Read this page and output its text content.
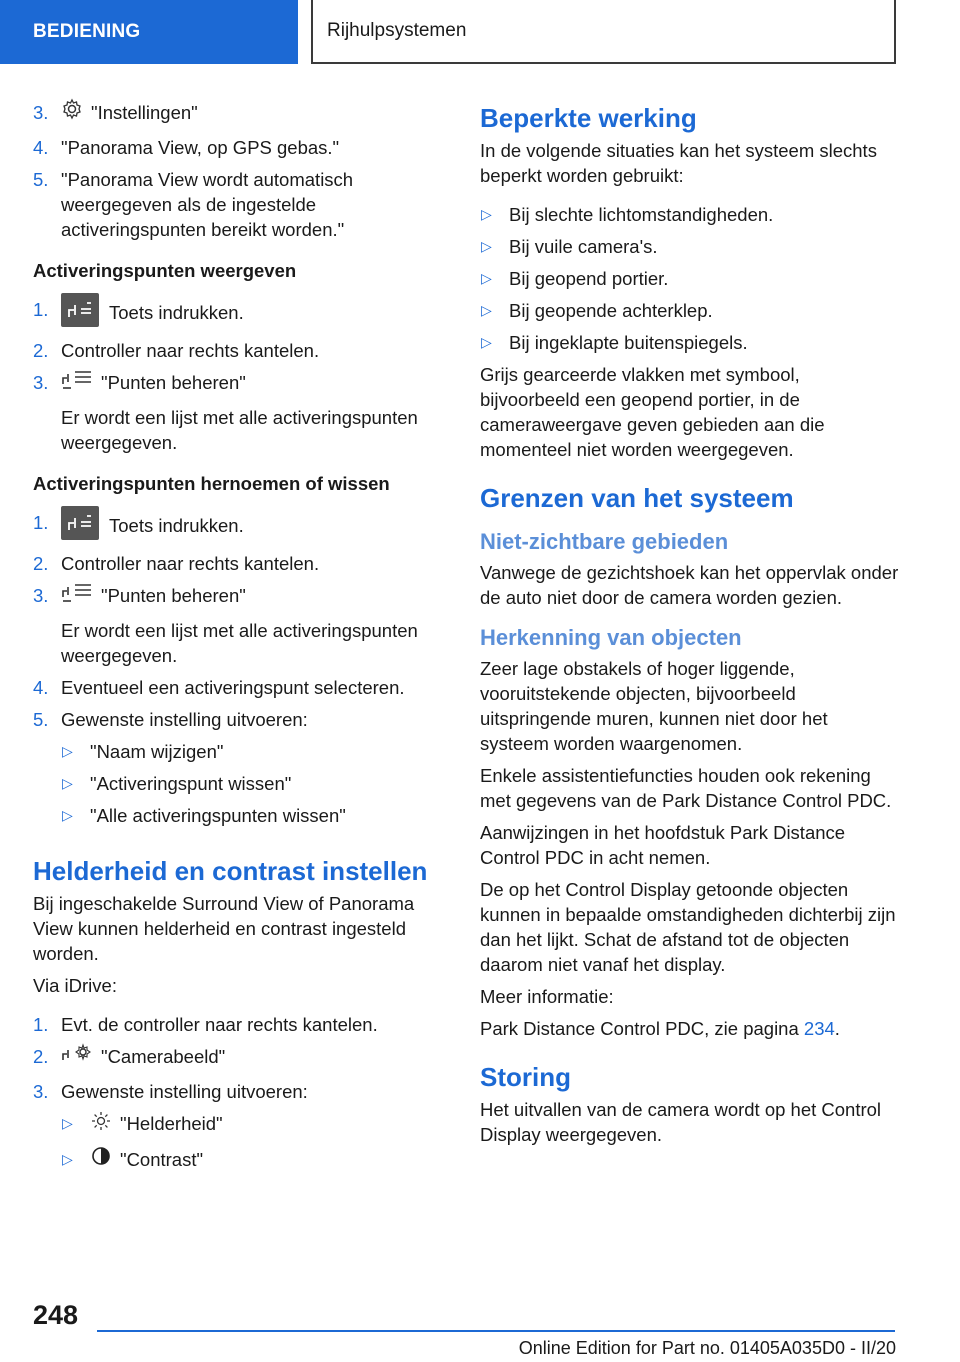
BEDIENING	Rijhulpsystemen
3.	"Instellingen"
4. "Panorama View, op GPS gebas."
5. "Panorama View wordt automatisch weergegeven als de ingestelde activeringspunten bereikt worden."
Activeringspunten weergeven
1.	Toets indrukken.
2. Controller naar rechts kantelen.
3.	"Punten beheren"
Er wordt een lijst met alle activeringspunten weergegeven.
Activeringspunten hernoemen of wissen
1.	Toets indrukken.
2. Controller naar rechts kantelen.
3.	"Punten beheren"
Er wordt een lijst met alle activeringspunten weergegeven.
4. Eventueel een activeringspunt selecteren.
5. Gewenste instelling uitvoeren:
▷ "Naam wijzigen"
▷ "Activeringspunt wissen"
▷ "Alle activeringspunten wissen"
Helderheid en contrast instellen

Bij ingeschakelde Surround View of Panorama View kunnen helderheid en contrast ingesteld worden.

Via iDrive:

1. Evt. de controller naar rechts kantelen.
2.	"Camerabeeld"
3. Gewenste instelling uitvoeren:
▷	"Helderheid"
▷	"Contrast"
Beperkte werking

In de volgende situaties kan het systeem slechts beperkt worden gebruikt:

▷ Bij slechte lichtomstandigheden.
▷ Bij vuile camera's.
▷ Bij geopend portier.
▷ Bij geopende achterklep.
▷ Bij ingeklapte buitenspiegels.

Grijs gearceerde vlakken met symbool, bijvoorbeeld een geopend portier, in de cameraweergave geven gebieden aan die momenteel niet worden weergegeven.

Grenzen van het systeem
Niet-zichtbare gebieden

Vanwege de gezichtshoek kan het oppervlak onder de auto niet door de camera worden gezien.

Herkenning van objecten

Zeer lage obstakels of hoger liggende, vooruitstekende objecten, bijvoorbeeld uitspringende muren, kunnen niet door het systeem worden waargenomen.

Enkele assistentiefuncties houden ook rekening met gegevens van de Park Distance Control PDC.

Aanwijzingen in het hoofdstuk Park Distance Control PDC in acht nemen.

De op het Control Display getoonde objecten kunnen in bepaalde omstandigheden dichterbij zijn dan het lijkt. Schat de afstand tot de objecten daarom niet vanaf het display.

Meer informatie:

Park Distance Control PDC, zie pagina 234.

Storing

Het uitvallen van de camera wordt op het Control Display weergegeven.

248
Online Edition for Part no. 01405A035D0 - II/20
